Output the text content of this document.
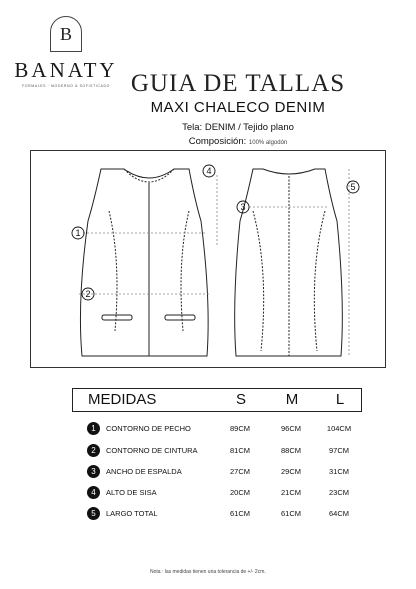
B
BANATY
FORMALES · MODERNO & SOFISTICADO GUIA DE TALLAS
MAXI CHALECO DENIM
Tela: DENIM / Tejido plano
Composición: 100% algodón
1
2
3
4
5
MEDIDAS	S	M	L
1	CONTORNO DE PECHO	89CM	96CM	104CM
2	CONTORNO DE CINTURA	81CM	88CM	97CM
3	ANCHO DE ESPALDA	27CM	29CM	31CM
4	ALTO DE SISA	20CM	21CM	23CM
5	LARGO TOTAL	61CM	61CM	64CM
Nota : las medidas tienen una tolerancia de +/- 2cm.
